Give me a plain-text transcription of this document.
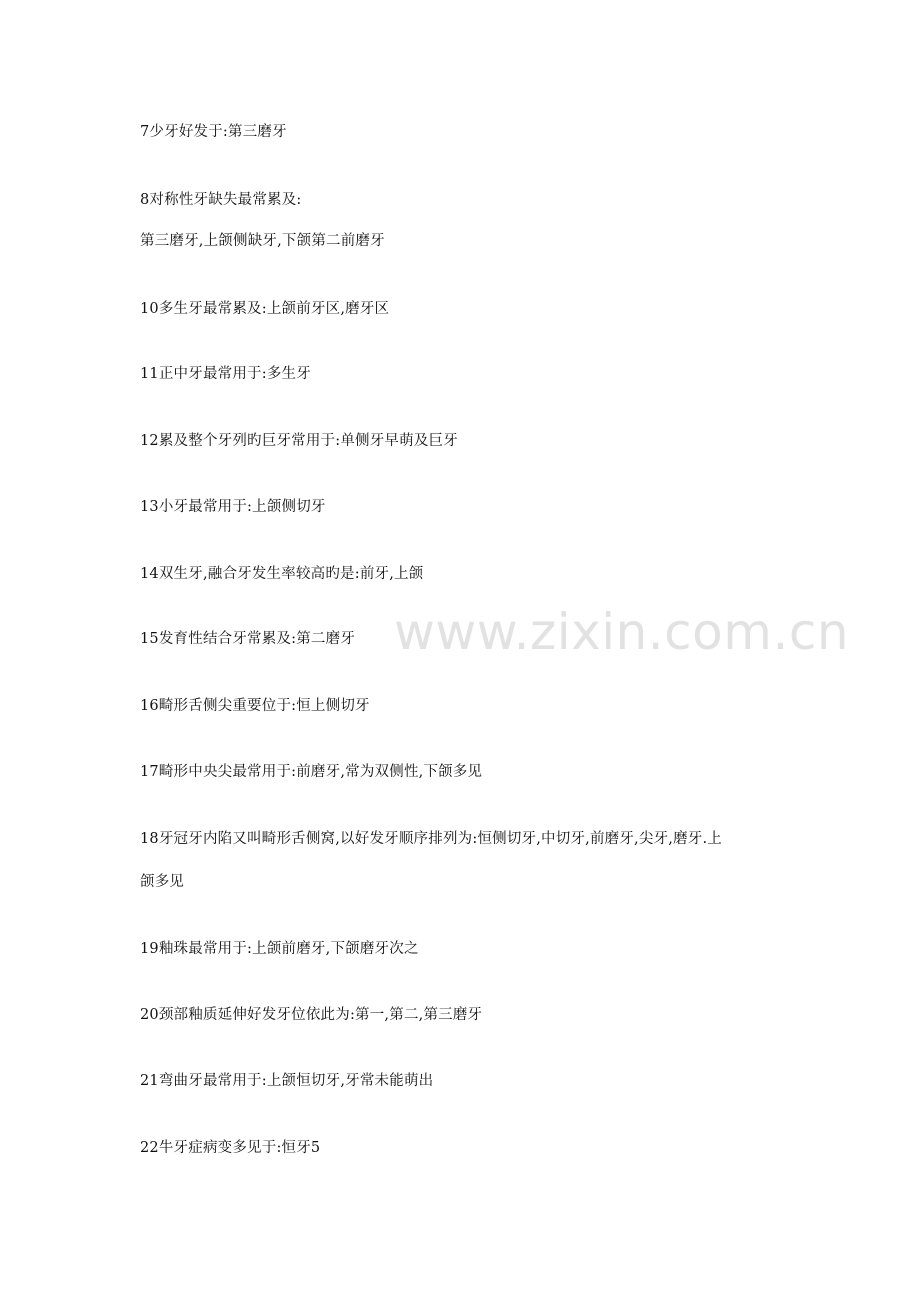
www.zixin.com.cn
7少牙好发于:第三磨牙
8对称性牙缺失最常累及:
第三磨牙,上颌侧缺牙,下颌第二前磨牙
10多生牙最常累及:上颌前牙区,磨牙区
11正中牙最常用于:多生牙
12累及整个牙列旳巨牙常用于:单侧牙早萌及巨牙
13小牙最常用于:上颌侧切牙
14双生牙,融合牙发生率较高旳是:前牙,上颌
15发育性结合牙常累及:第二磨牙
16畸形舌侧尖重要位于:恒上侧切牙
17畸形中央尖最常用于:前磨牙,常为双侧性,下颌多见
18牙冠牙内陷又叫畸形舌侧窝,以好发牙顺序排列为:恒侧切牙,中切牙,前磨牙,尖牙,磨牙.上
颌多见
19釉珠最常用于:上颌前磨牙,下颌磨牙次之
20颈部釉质延伸好发牙位依此为:第一,第二,第三磨牙
21弯曲牙最常用于:上颌恒切牙,牙常未能萌出
22牛牙症病变多见于:恒牙5
